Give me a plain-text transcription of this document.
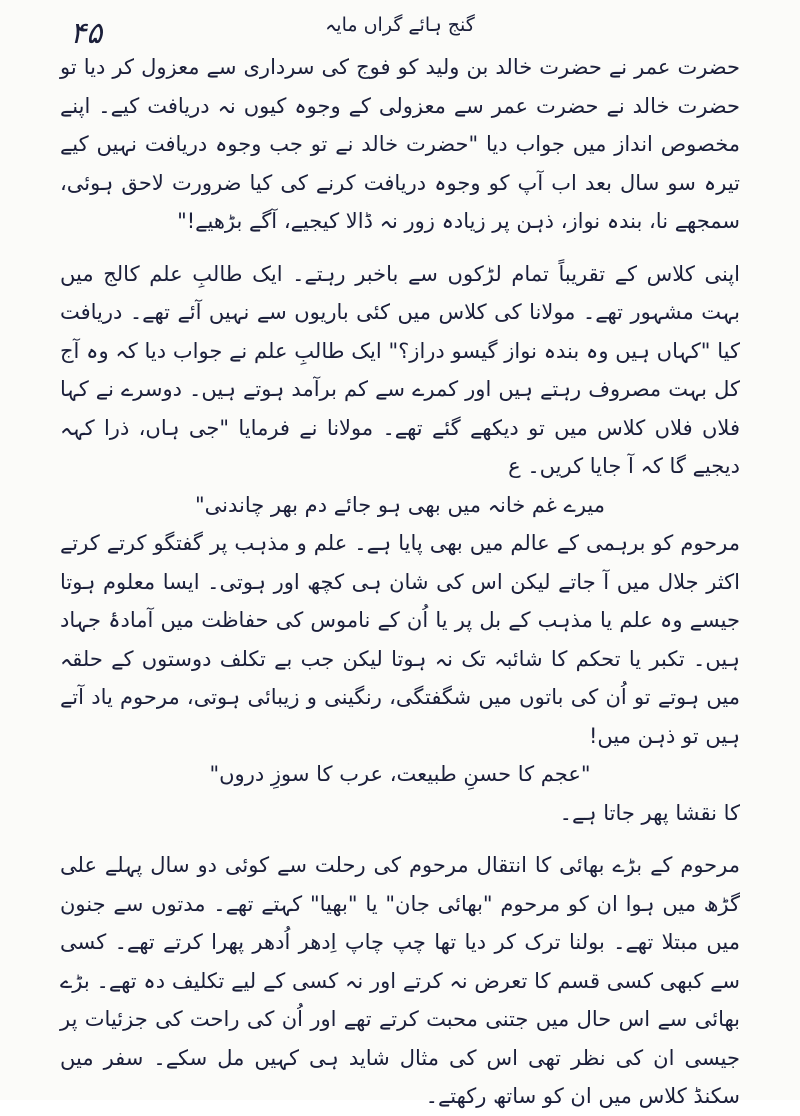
گنج ہائے گراں مایہ
۴۵

حضرت عمر نے حضرت خالد بن ولید کو فوج کی سرداری سے معزول کر دیا تو حضرت خالد نے حضرت عمر سے معزولی کے وجوہ کیوں نہ دریافت کیے۔ اپنے مخصوص انداز میں جواب دیا "حضرت خالد نے تو جب وجوہ دریافت نہیں کیے تیرہ سو سال بعد اب آپ کو وجوہ دریافت کرنے کی کیا ضرورت لاحق ہوئی، سمجھے نا، بندہ نواز، ذہن پر زیادہ زور نہ ڈالا کیجیے، آگے بڑھیے!"

اپنی کلاس کے تقریباً تمام لڑکوں سے باخبر رہتے۔ ایک طالبِ علم کالج میں بہت مشہور تھے۔ مولانا کی کلاس میں کئی باریوں سے نہیں آئے تھے۔ دریافت کیا "کہاں ہیں وہ بندہ نواز گیسو دراز؟" ایک طالبِ علم نے جواب دیا کہ وہ آج کل بہت مصروف رہتے ہیں اور کمرے سے کم برآمد ہوتے ہیں۔ دوسرے نے کہا فلاں فلاں کلاس میں تو دیکھے گئے تھے۔ مولانا نے فرمایا "جی ہاں، ذرا کہہ دیجیے گا کہ آ جایا کریں۔ ع

میرے غم خانہ میں بھی ہو جائے دم بھر چاندنی"

مرحوم کو برہمی کے عالم میں بھی پایا ہے۔ علم و مذہب پر گفتگو کرتے کرتے اکثر جلال میں آ جاتے لیکن اس کی شان ہی کچھ اور ہوتی۔ ایسا معلوم ہوتا جیسے وہ علم یا مذہب کے بل پر یا اُن کے ناموس کی حفاظت میں آمادۂ جہاد ہیں۔ تکبر یا تحکم کا شائبہ تک نہ ہوتا لیکن جب بے تکلف دوستوں کے حلقہ میں ہوتے تو اُن کی باتوں میں شگفتگی، رنگینی و زیبائی ہوتی، مرحوم یاد آتے ہیں تو ذہن میں!

"عجم کا حسنِ طبیعت، عرب کا سوزِ دروں"

کا نقشا پھر جاتا ہے۔

مرحوم کے بڑے بھائی کا انتقال مرحوم کی رحلت سے کوئی دو سال پہلے علی گڑھ میں ہوا ان کو مرحوم "بھائی جان" یا "بھیا" کہتے تھے۔ مدتوں سے جنون میں مبتلا تھے۔ بولنا ترک کر دیا تھا چپ چاپ اِدھر اُدھر پھرا کرتے تھے۔ کسی سے کبھی کسی قسم کا تعرض نہ کرتے اور نہ کسی کے لیے تکلیف دہ تھے۔ بڑے بھائی سے اس حال میں جتنی محبت کرتے تھے اور اُن کی راحت کی جزئیات پر جیسی ان کی نظر تھی اس کی مثال شاید ہی کہیں مل سکے۔ سفر میں سکنڈ کلاس میں ان کو ساتھ رکھتے۔
